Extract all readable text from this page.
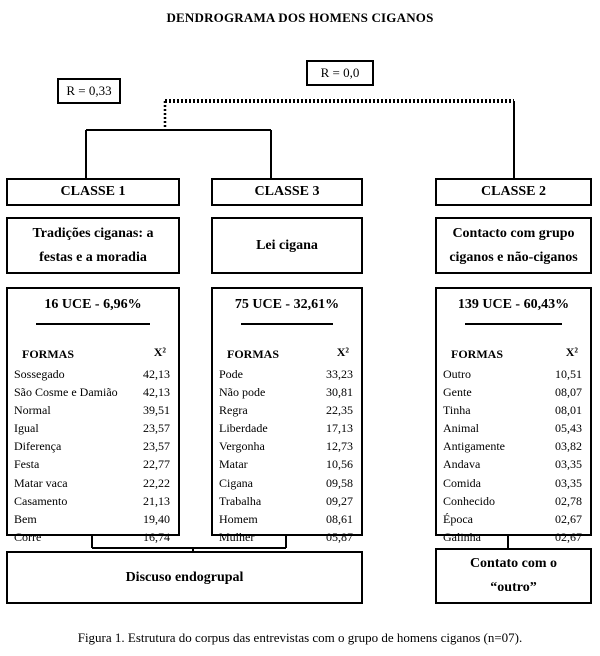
DENDROGRAMA DOS HOMENS CIGANOS
R = 0,33
R = 0,0
CLASSE 1	CLASSE 3	CLASSE 2
Tradições ciganas: a
festas e a moradia
Lei cigana
Contacto com grupo
ciganos e não-ciganos
16 UCE - 6,96%
FORMAS	X²
Sossegado	42,13
São Cosme e Damião 42,13
Normal	39,51
Igual	23,57
Diferença	23,57
Festa	22,77
Matar vaca	22,22
Casamento	21,13
Bem	19,40
Corre	16,74
75 UCE - 32,61%
FORMAS	X²
Pode	33,23
Não pode	30,81
Regra	22,35
Liberdade	17,13
Vergonha	12,73
Matar	10,56
Cigana	09,58
Trabalha	09,27
Homem	08,61
Mulher	05,87
139 UCE - 60,43%
FORMAS	X²
Outro	10,51
Gente	08,07
Tinha	08,01
Animal	05,43
Antigamente	03,82
Andava	03,35
Comida	03,35
Conhecido	02,78
Época	02,67
Galinha	02,67
Discuso endogrupal
Contato com o
“outro”
Figura 1. Estrutura do corpus das entrevistas com o grupo de homens ciganos (n=07).
